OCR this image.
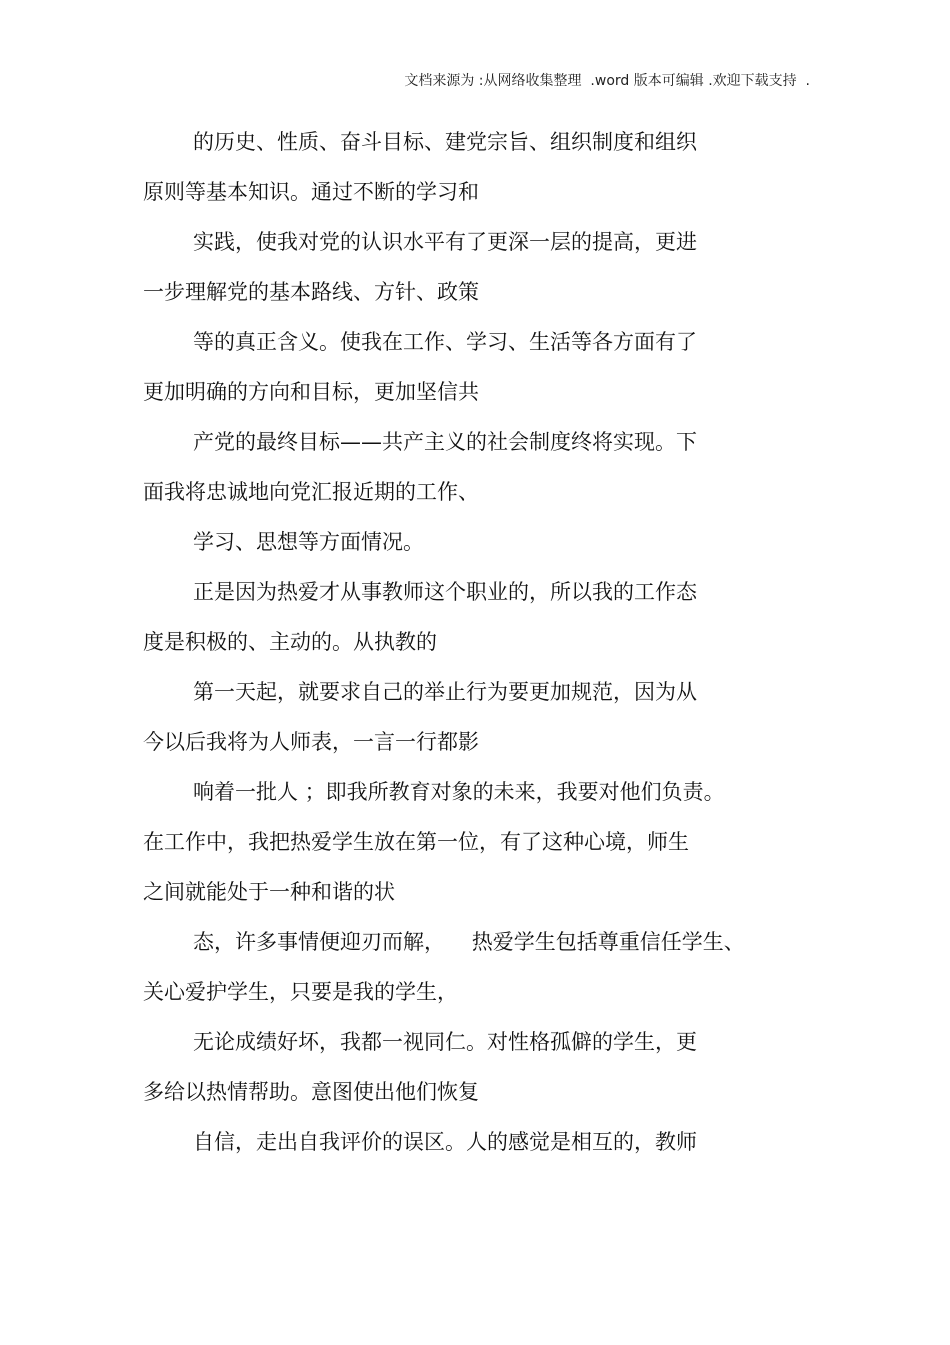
文档来源为 :从网络收集整理  .word 版本可编辑 .欢迎下载支持  .
的历史、性质、奋斗目标、建党宗旨、组织制度和组织
原则等基本知识。通过不断的学习和
实践，使我对党的认识水平有了更深一层的提高，更进
一步理解党的基本路线、方针、政策
等的真正含义。使我在工作、学习、生活等各方面有了
更加明确的方向和目标，更加坚信共
产党的最终目标——共产主义的社会制度终将实现。下
面我将忠诚地向党汇报近期的工作、
学习、思想等方面情况。
正是因为热爱才从事教师这个职业的，所以我的工作态
度是积极的、主动的。从执教的
第一天起，就要求自己的举止行为要更加规范，因为从
今以后我将为人师表，一言一行都影
响着一批人 ；即我所教育对象的未来，我要对他们负责。
在工作中，我把热爱学生放在第一位，有了这种心境，师生
之间就能处于一种和谐的状
态，许多事情便迎刃而解，    热爱学生包括尊重信任学生、
关心爱护学生，只要是我的学生，
无论成绩好坏，我都一视同仁。对性格孤僻的学生，更
多给以热情帮助。意图使出他们恢复
自信，走出自我评价的误区。人的感觉是相互的，教师
